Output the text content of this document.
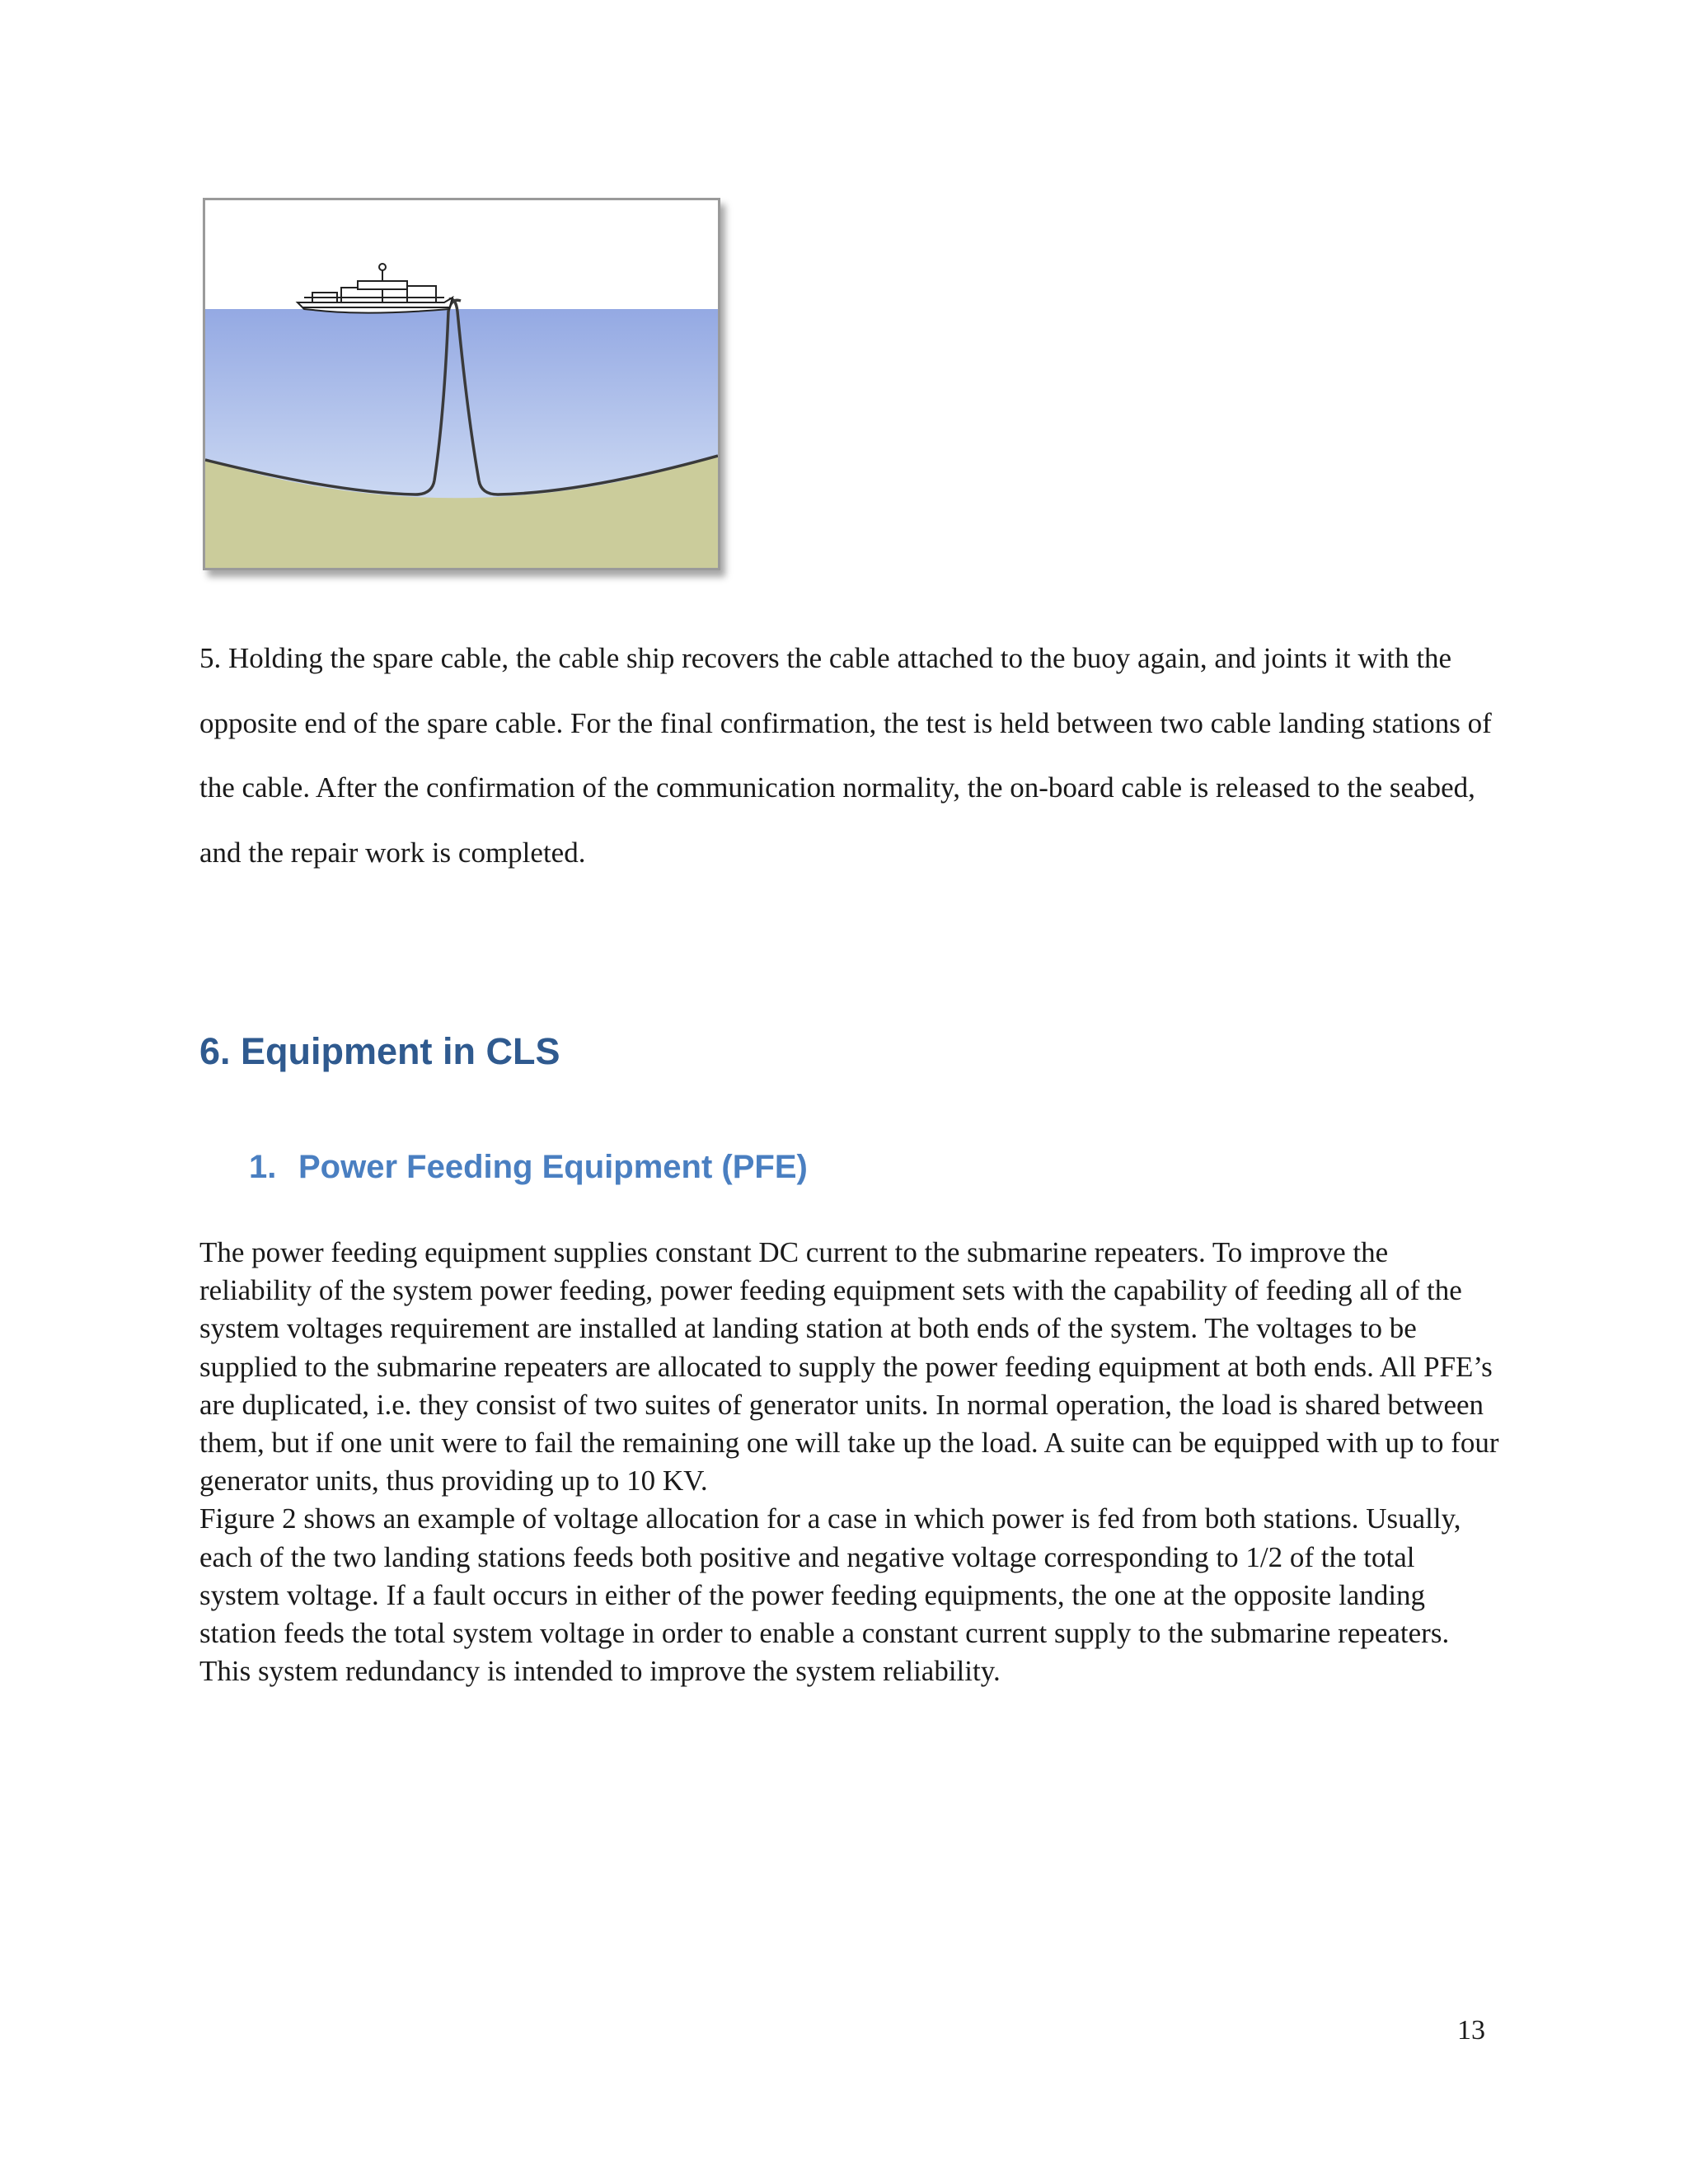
5. Holding the spare cable, the cable ship recovers the cable attached to the buoy again, and joints it with the opposite end of the spare cable. For the final confirmation, the test is held between two cable landing stations of the cable. After the confirmation of the communication normality, the on-board cable is released to the seabed, and the repair work is completed.

6. Equipment in CLS
1. Power Feeding Equipment (PFE)

The power feeding equipment supplies constant DC current to the submarine repeaters. To improve the reliability of the system power feeding, power feeding equipment sets with the capability of feeding all of the system voltages requirement are installed at landing station at both ends of the system. The voltages to be supplied to the submarine repeaters are allocated to supply the power feeding equipment at both ends. All PFE’s are duplicated, i.e. they consist of two suites of generator units. In normal operation, the load is shared between them, but if one unit were to fail the remaining one will take up the load. A suite can be equipped with up to four generator units, thus providing up to 10 KV.

Figure 2 shows an example of voltage allocation for a case in which power is fed from both stations. Usually, each of the two landing stations feeds both positive and negative voltage corresponding to 1/2 of the total system voltage. If a fault occurs in either of the power feeding equipments, the one at the opposite landing station feeds the total system voltage in order to enable a constant current supply to the submarine repeaters. This system redundancy is intended to improve the system reliability.

13
